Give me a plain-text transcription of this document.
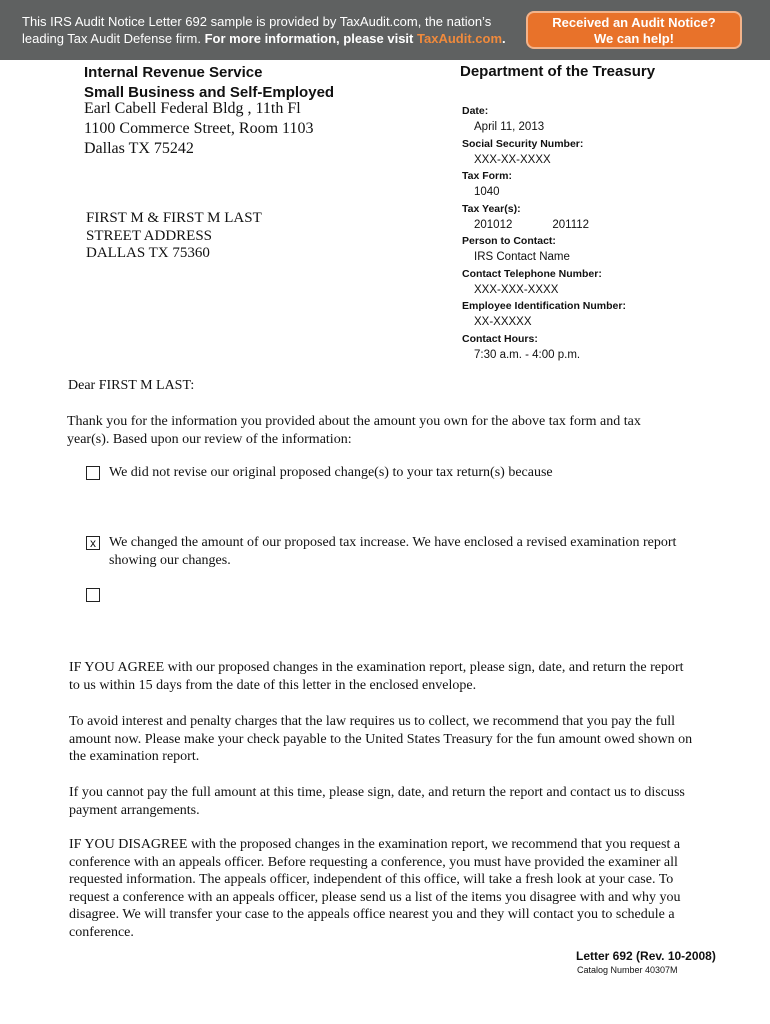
This IRS Audit Notice Letter 692 sample is provided by TaxAudit.com, the nation’s
leading Tax Audit Defense firm. For more information, please visit TaxAudit.com.
Received an Audit Notice?
We can help!
Internal Revenue Service
Small Business and Self-Employed
Earl Cabell Federal Bldg , 11th Fl
1100 Commerce Street, Room 1103
Dallas TX 75242
FIRST M & FIRST M LAST
STREET ADDRESS
DALLAS TX 75360
Department of the Treasury
Date:
April 11, 2013
Social Security Number:
XXX-XX-XXXX
Tax Form:
1040
Tax Year(s):
201012	201112
Person to Contact:
IRS Contact Name
Contact Telephone Number:
XXX-XXX-XXXX
Employee Identification Number:
XX-XXXXX
Contact Hours:
7:30 a.m. - 4:00 p.m.
Dear FIRST M LAST:
Thank you for the information you provided about the amount you own for the above tax form and tax
year(s). Based upon our review of the information:
We did not revise our original proposed change(s) to your tax return(s) because
x We changed the amount of our proposed tax increase. We have enclosed a revised examination report
showing our changes.
IF YOU AGREE with our proposed changes in the examination report, please sign, date, and return the report
to us within 15 days from the date of this letter in the enclosed envelope.
To avoid interest and penalty charges that the law requires us to collect, we recommend that you pay the full
amount now. Please make your check payable to the United States Treasury for the fun amount owed shown on
the examination report.
If you cannot pay the full amount at this time, please sign, date, and return the report and contact us to discuss
payment arrangements.
IF YOU DISAGREE with the proposed changes in the examination report, we recommend that you request a
conference with an appeals officer. Before requesting a conference, you must have provided the examiner all
requested information. The appeals officer, independent of this office, will take a fresh look at your case. To
request a conference with an appeals officer, please send us a list of the items you disagree with and why you
disagree. We will transfer your case to the appeals office nearest you and they will contact you to schedule a
conference.
Letter 692 (Rev. 10-2008)
Catalog Number 40307M
